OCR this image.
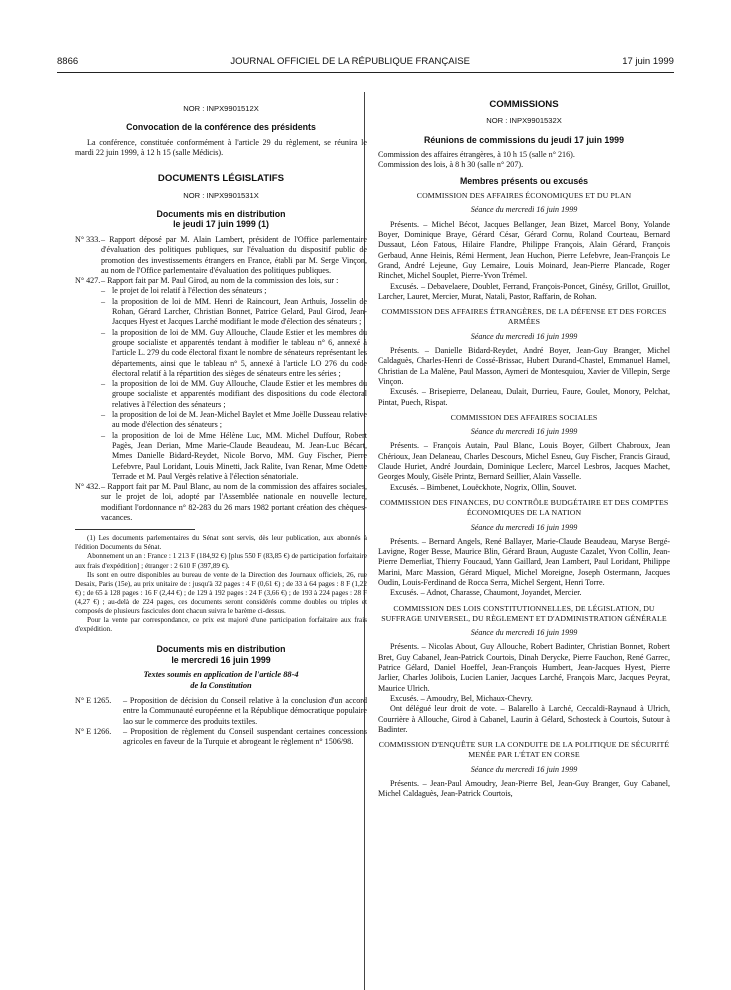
8866	JOURNAL OFFICIEL DE LA RÉPUBLIQUE FRANÇAISE	17 juin 1999

NOR : INPX9901512X

Convocation de la conférence des présidents

La conférence, constituée conformément à l'article 29 du règlement, se réunira le mardi 22 juin 1999, à 12 h 15 (salle Médicis).

DOCUMENTS LÉGISLATIFS

NOR : INPX9901531X

Documents mis en distribution

le jeudi 17 juin 1999 (1)

N° 333. – Rapport déposé par M. Alain Lambert, président de l'Office parlementaire d'évaluation des politiques publiques, sur l'évaluation du dispositif public de promotion des investissements étrangers en France, établi par M. Serge Vinçon, au nom de l'Office parlementaire d'évaluation des politiques publiques.
N° 427. – Rapport fait par M. Paul Girod, au nom de la commission des lois, sur :
– le projet de loi relatif à l'élection des sénateurs ;
– la proposition de loi de MM. Henri de Raincourt, Jean Arthuis, Josselin de Rohan, Gérard Larcher, Christian Bonnet, Patrice Gelard, Paul Girod, Jean-Jacques Hyest et Jacques Larché modifiant le mode d'élection des sénateurs ;
– la proposition de loi de MM. Guy Allouche, Claude Estier et les membres du groupe socialiste et apparentés tendant à modifier le tableau n° 6, annexé à l'article L. 279 du code électoral fixant le nombre de sénateurs représentant les départements, ainsi que le tableau n° 5, annexé à l'article LO 276 du code électoral relatif à la répartition des sièges de sénateurs entre les séries ;
– la proposition de loi de MM. Guy Allouche, Claude Estier et les membres du groupe socialiste et apparentés modifiant des dispositions du code électoral relatives à l'élection des sénateurs ;
– la proposition de loi de M. Jean-Michel Baylet et Mme Joëlle Dusseau relative au mode d'élection des sénateurs ;
– la proposition de loi de Mme Hélène Luc, MM. Michel Duffour, Robert Pagès, Jean Derian, Mme Marie-Claude Beaudeau, M. Jean-Luc Bécart, Mmes Danielle Bidard-Reydet, Nicole Borvo, MM. Guy Fischer, Pierre Lefebvre, Paul Loridant, Louis Minetti, Jack Ralite, Ivan Renar, Mme Odette Terrade et M. Paul Vergès relative à l'élection sénatoriale.
N° 432. – Rapport fait par M. Paul Blanc, au nom de la commission des affaires sociales, sur le projet de loi, adopté par l'Assemblée nationale en nouvelle lecture, modifiant l'ordonnance n° 82-283 du 26 mars 1982 portant création des chèques-vacances.

(1) Les documents parlementaires du Sénat sont servis, dès leur publication, aux abonnés à l'édition Documents du Sénat.

Abonnement un an : France : 1 213 F (184,92 €) [plus 550 F (83,85 €) de participation forfaitaire aux frais d'expédition] ; étranger : 2 610 F (397,89 €).

Ils sont en outre disponibles au bureau de vente de la Direction des Journaux officiels, 26, rue Desaix, Paris (15e), au prix unitaire de : jusqu'à 32 pages : 4 F (0,61 €) ; de 33 à 64 pages : 8 F (1,22 €) ; de 65 à 128 pages : 16 F (2,44 €) ; de 129 à 192 pages : 24 F (3,66 €) ; de 193 à 224 pages : 28 F (4,27 €) ; au-delà de 224 pages, ces documents seront considérés comme doubles ou triples et composés de plusieurs fascicules dont chacun suivra le barème ci-dessus.

Pour la vente par correspondance, ce prix est majoré d'une participation forfaitaire aux frais d'expédition.

Documents mis en distribution

le mercredi 16 juin 1999

Textes soumis en application de l'article 88-4

de la Constitution

N° E 1265.	– Proposition de décision du Conseil relative à la conclusion d'un accord entre la Communauté européenne et la République démocratique populaire lao sur le commerce des produits textiles.
N° E 1266.	– Proposition de règlement du Conseil suspendant certaines concessions agricoles en faveur de la Turquie et abrogeant le règlement n° 1506/98.

COMMISSIONS

NOR : INPX9901532X

Réunions de commissions du jeudi 17 juin 1999

Commission des affaires étrangères, à 10 h 15 (salle n° 216).

Commission des lois, à 8 h 30 (salle n° 207).

Membres présents ou excusés

COMMISSION DES AFFAIRES ÉCONOMIQUES ET DU PLAN

Séance du mercredi 16 juin 1999

Présents. – Michel Bécot, Jacques Bellanger, Jean Bizet, Marcel Bony, Yolande Boyer, Dominique Braye, Gérard César, Gérard Cornu, Roland Courteau, Bernard Dussaut, Léon Fatous, Hilaire Flandre, Philippe François, Alain Gérard, François Gerbaud, Anne Heinis, Rémi Herment, Jean Huchon, Pierre Lefebvre, Jean-François Le Grand, André Lejeune, Guy Lemaire, Louis Moinard, Jean-Pierre Plancade, Roger Rinchet, Michel Souplet, Pierre-Yvon Trémel.

Excusés. – Debavelaere, Doublet, Ferrand, François-Poncet, Ginésy, Grillot, Gruillot, Larcher, Lauret, Mercier, Murat, Natali, Pastor, Raffarin, de Rohan.

COMMISSION DES AFFAIRES ÉTRANGÈRES, DE LA DÉFENSE ET DES FORCES ARMÉES

Séance du mercredi 16 juin 1999

Présents. – Danielle Bidard-Reydet, André Boyer, Jean-Guy Branger, Michel Caldaguès, Charles-Henri de Cossé-Brissac, Hubert Durand-Chastel, Emmanuel Hamel, Christian de La Malène, Paul Masson, Aymeri de Montesquiou, Xavier de Villepin, Serge Vinçon.

Excusés. – Brisepierre, Delaneau, Dulait, Durrieu, Faure, Goulet, Monory, Pelchat, Pintat, Puech, Rispat.

COMMISSION DES AFFAIRES SOCIALES

Séance du mercredi 16 juin 1999

Présents. – François Autain, Paul Blanc, Louis Boyer, Gilbert Chabroux, Jean Chérioux, Jean Delaneau, Charles Descours, Michel Esneu, Guy Fischer, Francis Giraud, Claude Huriet, André Jourdain, Dominique Leclerc, Marcel Lesbros, Jacques Machet, Georges Mouly, Gisèle Printz, Bernard Seillier, Alain Vasselle.

Excusés. – Bimbenet, Louëckhote, Nogrix, Ollin, Souvet.

COMMISSION DES FINANCES, DU CONTRÔLE BUDGÉTAIRE ET DES COMPTES ÉCONOMIQUES DE LA NATION

Séance du mercredi 16 juin 1999

Présents. – Bernard Angels, René Ballayer, Marie-Claude Beaudeau, Maryse Bergé-Lavigne, Roger Besse, Maurice Blin, Gérard Braun, Auguste Cazalet, Yvon Collin, Jean-Pierre Demerliat, Thierry Foucaud, Yann Gaillard, Jean Lambert, Paul Loridant, Philippe Marini, Marc Massion, Gérard Miquel, Michel Moreigne, Joseph Ostermann, Jacques Oudin, Louis-Ferdinand de Rocca Serra, Michel Sergent, Henri Torre.

Excusés. – Adnot, Charasse, Chaumont, Joyandet, Mercier.

COMMISSION DES LOIS CONSTITUTIONNELLES, DE LÉGISLATION, DU SUFFRAGE UNIVERSEL, DU RÈGLEMENT ET D'ADMINISTRATION GÉNÉRALE

Séance du mercredi 16 juin 1999

Présents. – Nicolas About, Guy Allouche, Robert Badinter, Christian Bonnet, Robert Bret, Guy Cabanel, Jean-Patrick Courtois, Dinah Derycke, Pierre Fauchon, René Garrec, Patrice Gélard, Daniel Hoeffel, Jean-François Humbert, Jean-Jacques Hyest, Pierre Jarlier, Charles Jolibois, Lucien Lanier, Jacques Larché, François Marc, Jacques Peyrat, Maurice Ulrich.

Excusés. – Amoudry, Bel, Michaux-Chevry.

Ont délégué leur droit de vote. – Balarello à Larché, Ceccaldi-Raynaud à Ulrich, Courrière à Allouche, Girod à Cabanel, Laurin à Gélard, Schosteck à Courtois, Sutour à Badinter.

COMMISSION D'ENQUÊTE SUR LA CONDUITE DE LA POLITIQUE DE SÉCURITÉ MENÉE PAR L'ÉTAT EN CORSE

Séance du mercredi 16 juin 1999

Présents. – Jean-Paul Amoudry, Jean-Pierre Bel, Jean-Guy Branger, Guy Cabanel, Michel Caldaguès, Jean-Patrick Courtois,
